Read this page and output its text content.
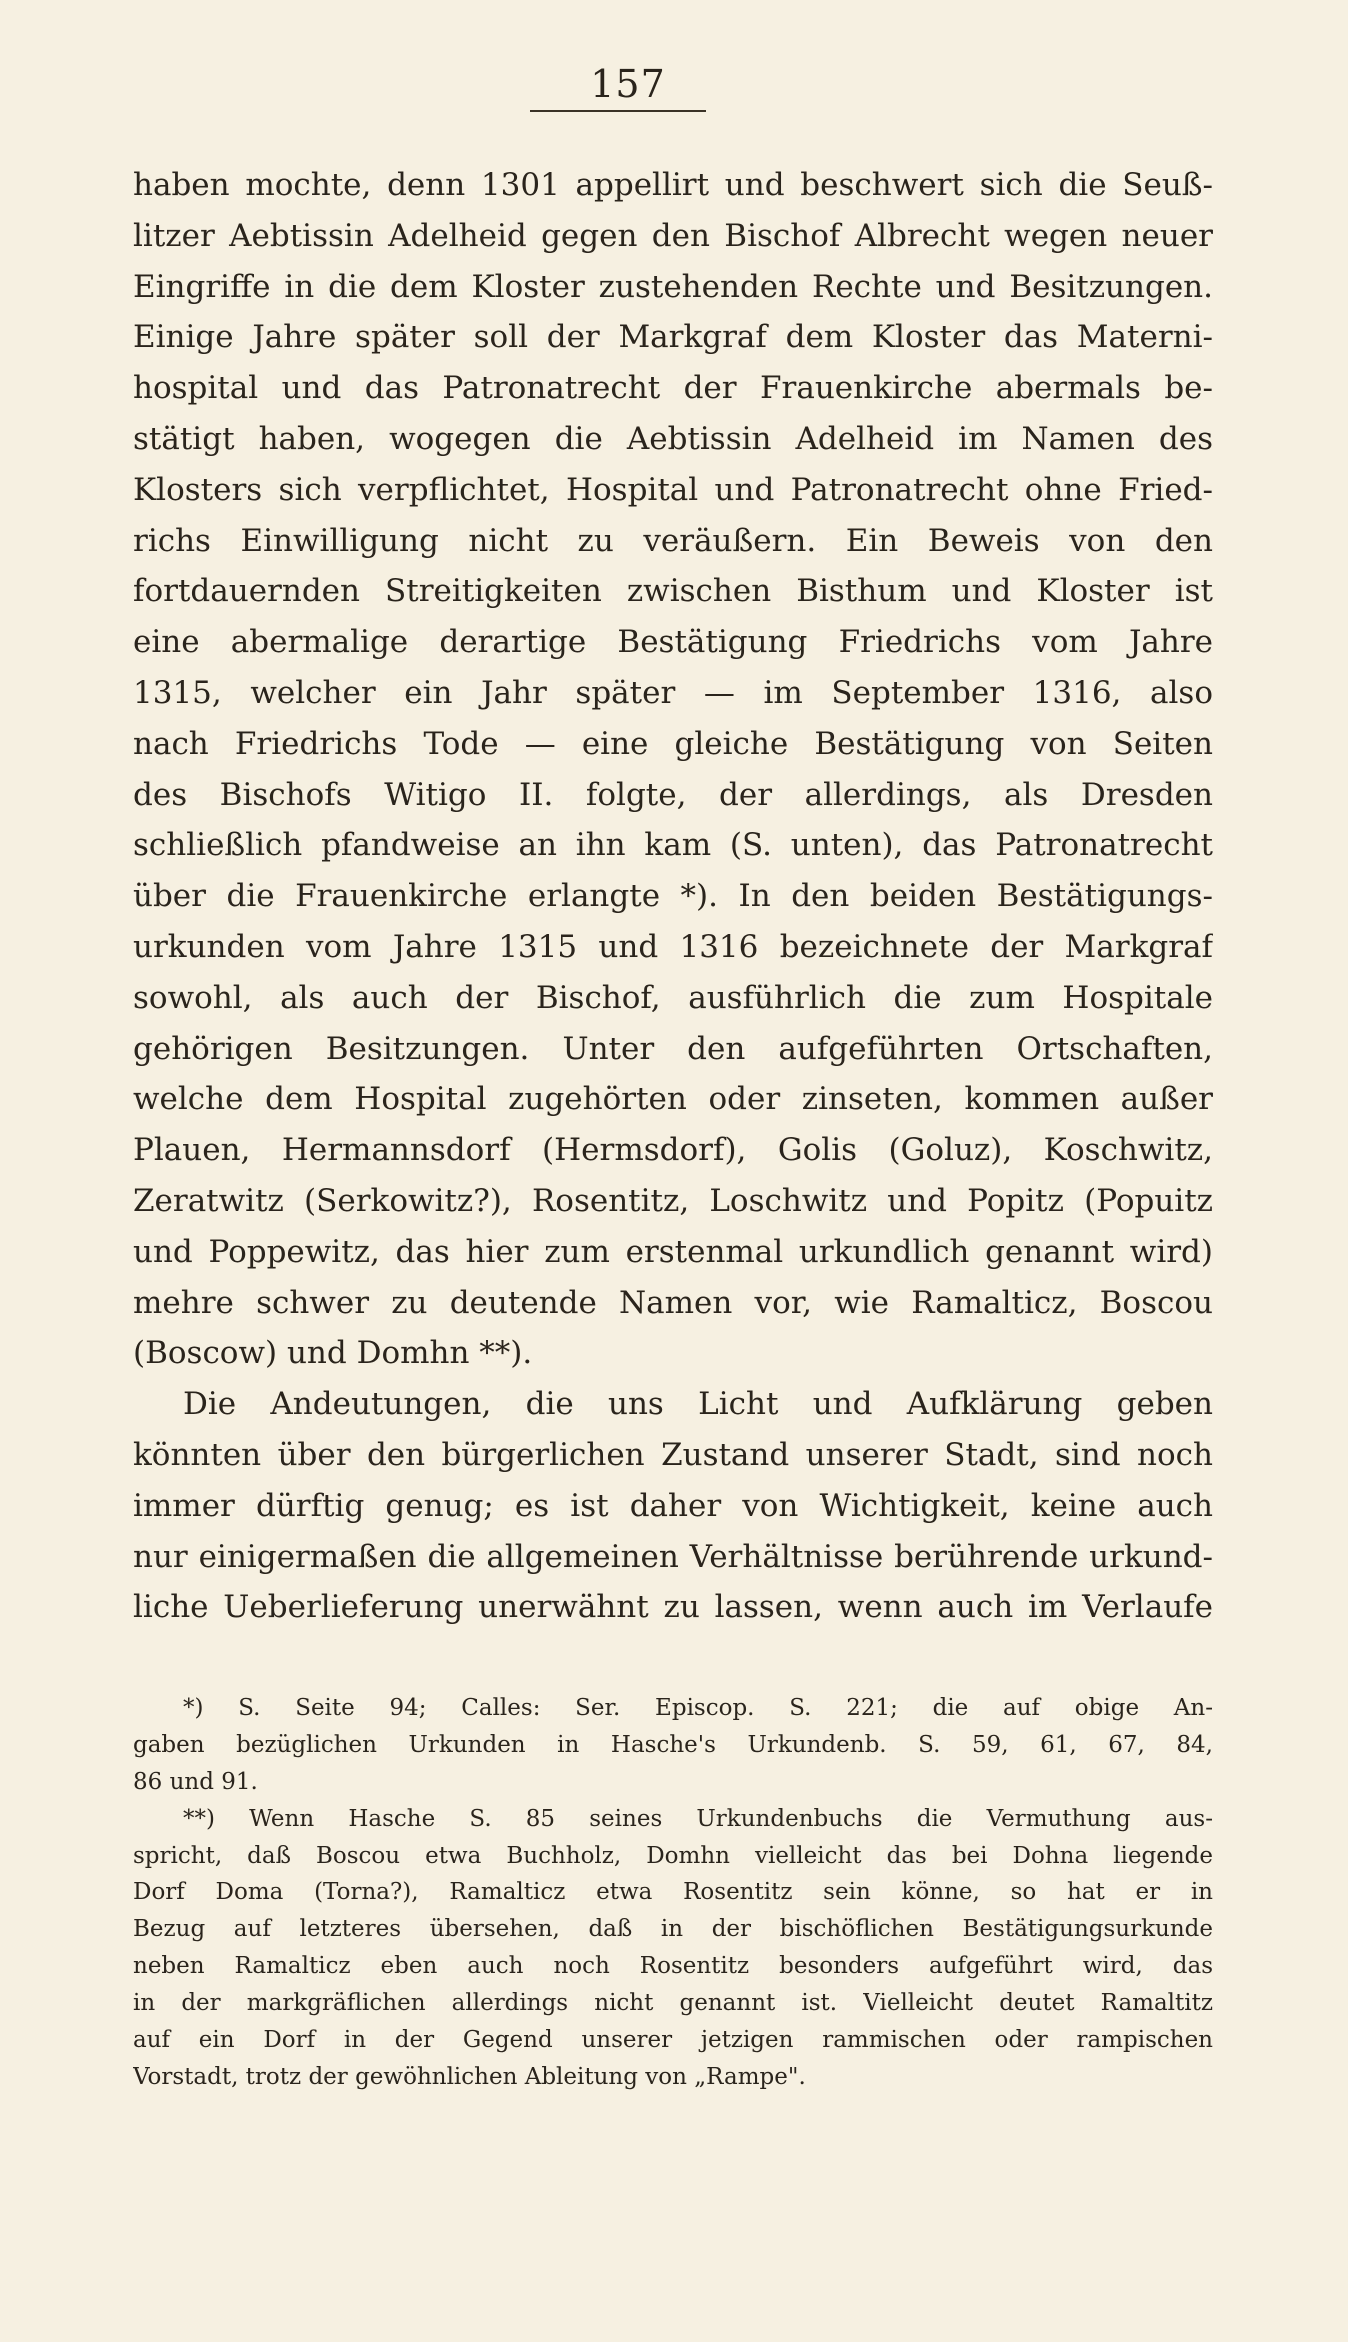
157
haben mochte, denn 1301 appellirt und beschwert sich die Seuß-
litzer Aebtissin Adelheid gegen den Bischof Albrecht wegen neuer
Eingriffe in die dem Kloster zustehenden Rechte und Besitzungen.
Einige Jahre später soll der Markgraf dem Kloster das Materni-
hospital und das Patronatrecht der Frauenkirche abermals be-
stätigt haben, wogegen die Aebtissin Adelheid im Namen des
Klosters sich verpflichtet, Hospital und Patronatrecht ohne Fried-
richs Einwilligung nicht zu veräußern. Ein Beweis von den
fortdauernden Streitigkeiten zwischen Bisthum und Kloster ist
eine abermalige derartige Bestätigung Friedrichs vom Jahre
1315, welcher ein Jahr später — im September 1316, also
nach Friedrichs Tode — eine gleiche Bestätigung von Seiten
des Bischofs Witigo II. folgte, der allerdings, als Dresden
schließlich pfandweise an ihn kam (S. unten), das Patronatrecht
über die Frauenkirche erlangte *). In den beiden Bestätigungs-
urkunden vom Jahre 1315 und 1316 bezeichnete der Markgraf
sowohl, als auch der Bischof, ausführlich die zum Hospitale
gehörigen Besitzungen. Unter den aufgeführten Ortschaften,
welche dem Hospital zugehörten oder zinseten, kommen außer
Plauen, Hermannsdorf (Hermsdorf), Golis (Goluz), Koschwitz,
Zeratwitz (Serkowitz?), Rosentitz, Loschwitz und Popitz (Popuitz
und Poppewitz, das hier zum erstenmal urkundlich genannt wird)
mehre schwer zu deutende Namen vor, wie Ramalticz, Boscou
(Boscow) und Domhn **).
Die Andeutungen, die uns Licht und Aufklärung geben
könnten über den bürgerlichen Zustand unserer Stadt, sind noch
immer dürftig genug; es ist daher von Wichtigkeit, keine auch
nur einigermaßen die allgemeinen Verhältnisse berührende urkund-
liche Ueberlieferung unerwähnt zu lassen, wenn auch im Verlaufe
*) S. Seite 94; Calles: Ser. Episcop. S. 221; die auf obige An-
gaben bezüglichen Urkunden in Hasche's Urkundenb. S. 59, 61, 67, 84,
86 und 91.
**) Wenn Hasche S. 85 seines Urkundenbuchs die Vermuthung aus-
spricht, daß Boscou etwa Buchholz, Domhn vielleicht das bei Dohna liegende
Dorf Doma (Torna?), Ramalticz etwa Rosentitz sein könne, so hat er in
Bezug auf letzteres übersehen, daß in der bischöflichen Bestätigungsurkunde
neben Ramalticz eben auch noch Rosentitz besonders aufgeführt wird, das
in der markgräflichen allerdings nicht genannt ist. Vielleicht deutet Ramaltitz
auf ein Dorf in der Gegend unserer jetzigen rammischen oder rampischen
Vorstadt, trotz der gewöhnlichen Ableitung von „Rampe".
